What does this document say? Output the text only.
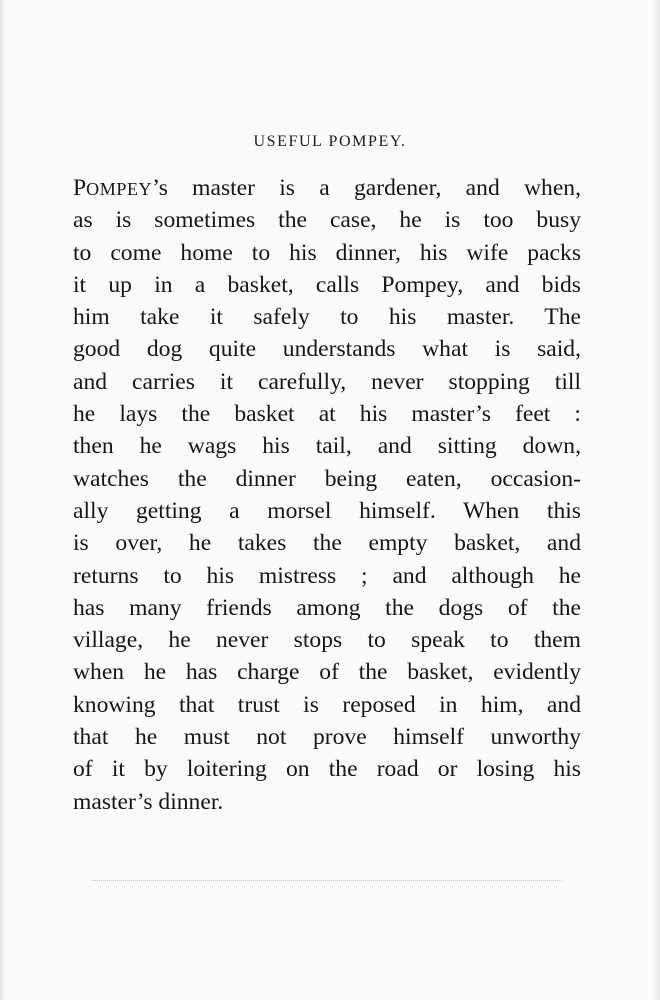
USEFUL POMPEY.
POMPEY’s master is a gardener, and when,
as is sometimes the case, he is too busy
to come home to his dinner, his wife packs
it up in a basket, calls Pompey, and bids
him take it safely to his master. The
good dog quite understands what is said,
and carries it carefully, never stopping till
he lays the basket at his master’s feet :
then he wags his tail, and sitting down,
watches the dinner being eaten, occasion-
ally getting a morsel himself. When this
is over, he takes the empty basket, and
returns to his mistress ; and although he
has many friends among the dogs of the
village, he never stops to speak to them
when he has charge of the basket, evidently
knowing that trust is reposed in him, and
that he must not prove himself unworthy
of it by loitering on the road or losing his
master’s dinner.
